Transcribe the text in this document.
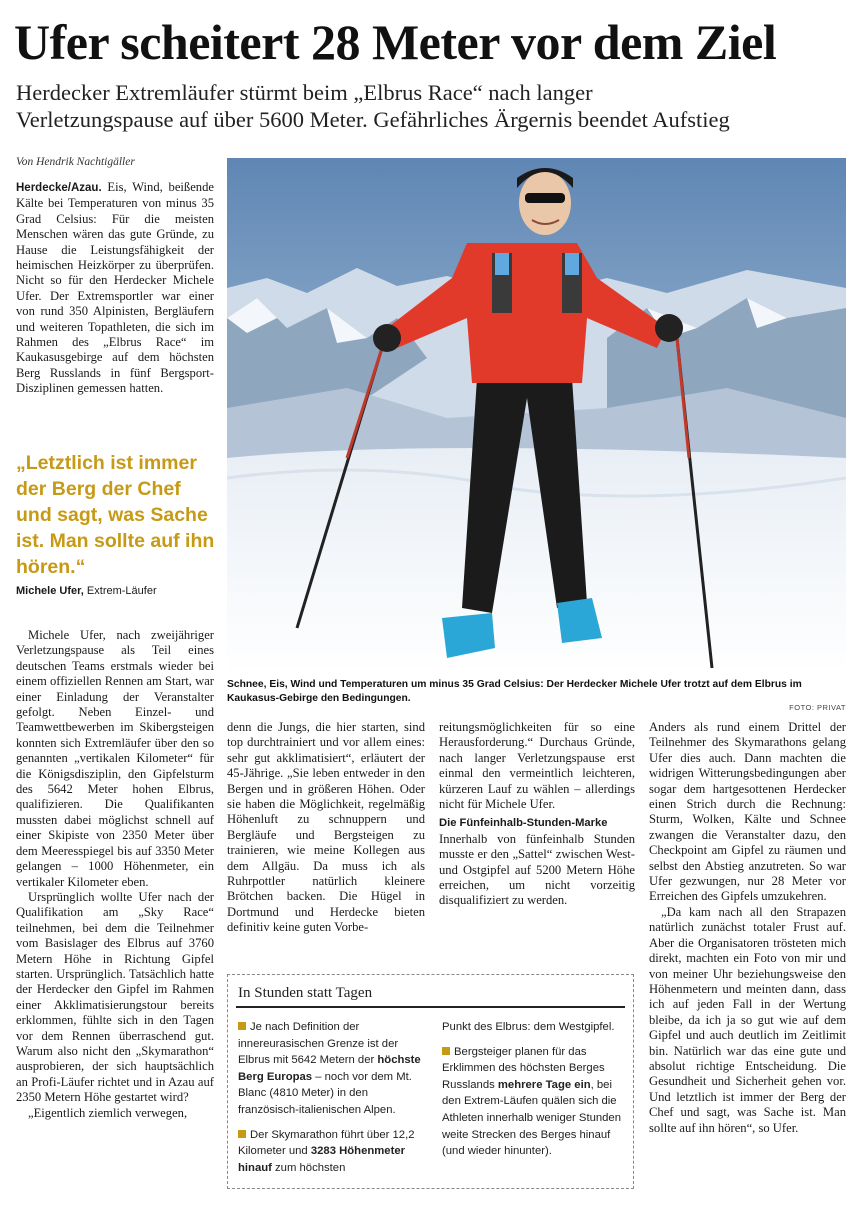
Ufer scheitert 28 Meter vor dem Ziel
Herdecker Extremläufer stürmt beim „Elbrus Race“ nach langer
Verletzungspause auf über 5600 Meter. Gefährliches Ärgernis beendet Aufstieg
Von Hendrik Nachtigäller

Herdecke/Azau. Eis, Wind, beißende Kälte bei Temperaturen von minus 35 Grad Celsius: Für die meisten Menschen wären das gute Gründe, zu Hause die Leistungsfähigkeit der heimischen Heizkörper zu überprüfen. Nicht so für den Herdecker Michele Ufer. Der Extremsportler war einer von rund 350 Alpinisten, Bergläufern und weiteren Topathleten, die sich im Rahmen des „Elbrus Race“ im Kaukasusgebirge auf dem höchsten Berg Russlands in fünf Bergsport-Disziplinen gemessen hatten.

„Letztlich ist immer der Berg der Chef und sagt, was Sache ist. Man sollte auf ihn hören.“
Michele Ufer, Extrem-Läufer

Michele Ufer, nach zweijähriger Verletzungspause als Teil eines deutschen Teams erstmals wieder bei einem offiziellen Rennen am Start, war einer Einladung der Veranstalter gefolgt. Neben Einzel- und Teamwettbewerben im Skibergsteigen konnten sich Extremläufer über den so genannten „vertikalen Kilometer“ für die Königsdisziplin, den Gipfelsturm des 5642 Meter hohen Elbrus, qualifizieren. Die Qualifikanten mussten dabei möglichst schnell auf einer Skipiste von 2350 Meter über dem Meeresspiegel bis auf 3350 Meter gelangen – 1000 Höhenmeter, ein vertikaler Kilometer eben.

Ursprünglich wollte Ufer nach der Qualifikation am „Sky Race“ teilnehmen, bei dem die Teilnehmer vom Basislager des Elbrus auf 3760 Metern Höhe in Richtung Gipfel starten. Ursprünglich. Tatsächlich hatte der Herdecker den Gipfel im Rahmen einer Akklimatisierungstour bereits erklommen, fühlte sich in den Tagen vor dem Rennen überraschend gut. Warum also nicht den „Skymarathon“ ausprobieren, der sich hauptsächlich an Profi-Läufer richtet und in Azau auf 2350 Metern Höhe gestartet wird?

„Eigentlich ziemlich verwegen,

Schnee, Eis, Wind und Temperaturen um minus 35 Grad Celsius: Der Herdecker Michele Ufer trotzt auf dem Elbrus im Kaukasus-Gebirge den Bedingungen.
FOTO: PRIVAT

denn die Jungs, die hier starten, sind top durchtrainiert und vor allem eines: sehr gut akklimatisiert“, erläutert der 45-Jährige. „Sie leben entweder in den Bergen und in größeren Höhen. Oder sie haben die Möglichkeit, regelmäßig Höhenluft zu schnuppern und Bergläufe und Bergsteigen zu trainieren, wie meine Kollegen aus dem Allgäu. Da muss ich als Ruhrpottler natürlich kleinere Brötchen backen. Die Hügel in Dortmund und Herdecke bieten definitiv keine guten Vorbe-

reitungsmöglichkeiten für so eine Herausforderung.“ Durchaus Gründe, nach langer Verletzungspause erst einmal den vermeintlich leichteren, kürzeren Lauf zu wählen – allerdings nicht für Michele Ufer.

Die Fünfeinhalb-Stunden-Marke

Innerhalb von fünfeinhalb Stunden musste er den „Sattel“ zwischen West- und Ostgipfel auf 5200 Metern Höhe erreichen, um nicht vorzeitig disqualifiziert zu werden.

Anders als rund einem Drittel der Teilnehmer des Skymarathons gelang Ufer dies auch. Dann machten die widrigen Witterungsbedingungen aber sogar dem hartgesottenen Herdecker einen Strich durch die Rechnung: Sturm, Wolken, Kälte und Schnee zwangen die Veranstalter dazu, den Checkpoint am Gipfel zu räumen und selbst den Abstieg anzutreten. So war Ufer gezwungen, nur 28 Meter vor Erreichen des Gipfels umzukehren.

„Da kam nach all den Strapazen natürlich zunächst totaler Frust auf. Aber die Organisatoren trösteten mich direkt, machten ein Foto von mir und von meiner Uhr beziehungsweise den Höhenmetern und meinten dann, dass ich auf jeden Fall in der Wertung bleibe, da ich ja so gut wie auf dem Gipfel und auch deutlich im Zeitlimit bin. Natürlich war das eine gute und absolut richtige Entscheidung. Die Gesundheit und Sicherheit gehen vor. Und letztlich ist immer der Berg der Chef und sagt, was Sache ist. Man sollte auf ihn hören“, so Ufer.

In Stunden statt Tagen

Je nach Definition der innereurasischen Grenze ist der Elbrus mit 5642 Metern der höchste Berg Europas – noch vor dem Mt. Blanc (4810 Meter) in den französisch-italienischen Alpen.

Der Skymarathon führt über 12,2 Kilometer und 3283 Höhenmeter hinauf zum höchsten

Punkt des Elbrus: dem Westgipfel.

Bergsteiger planen für das Erklimmen des höchsten Berges Russlands mehrere Tage ein, bei den Extrem-Läufen quälen sich die Athleten innerhalb weniger Stunden weite Strecken des Berges hinauf (und wieder hinunter).
